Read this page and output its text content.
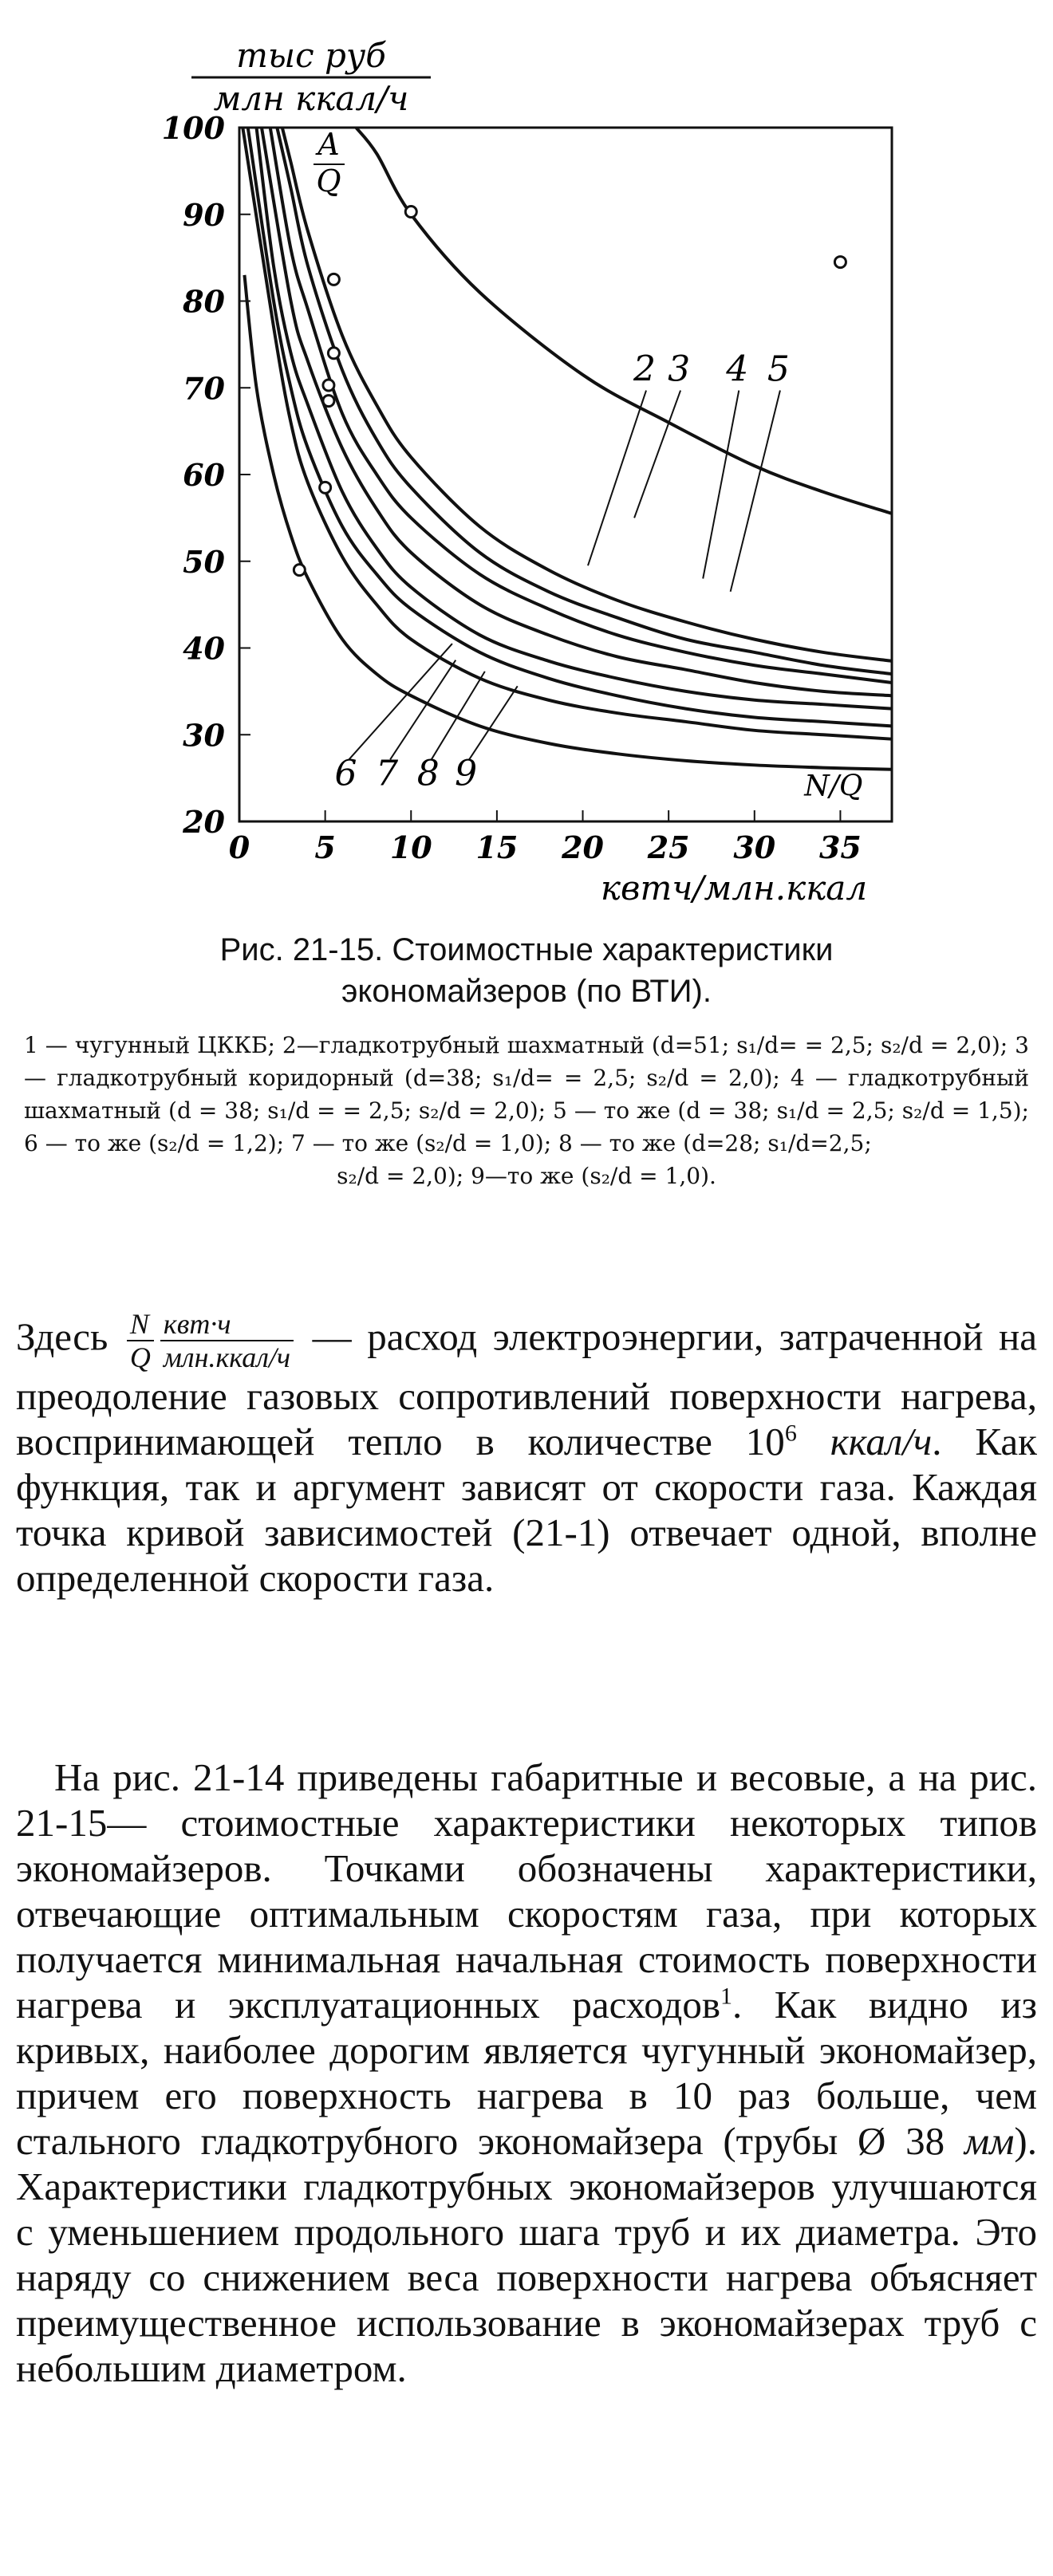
20
30
40
50
60
70
80
90
100
0 5 10 15 20 25 30 35
2 3 4 5
6 7 8 9
тыс руб
млн ккал/ч
A
Q
N/Q
квтч/млн.ккал
Рис. 21-15. Стоимостные характеристики
экономайзеров (по ВТИ).
1 — чугунный ЦККБ; 2—гладкотрубный шахматный (d=51; s₁/d= = 2,5; s₂/d = 2,0); 3 — гладкотрубный коридорный (d=38; s₁/d= = 2,5; s₂/d = 2,0); 4 — гладкотрубный шахматный (d = 38; s₁/d = = 2,5; s₂/d = 2,0); 5 — то же (d = 38; s₁/d = 2,5; s₂/d = 1,5); 6 — то же (s₂/d = 1,2); 7 — то же (s₂/d = 1,0); 8 — то же (d=28; s₁/d=2,5;
s₂/d = 2,0); 9—то же (s₂/d = 1,0).
Здесь $\frac{N}{Q} \frac{\text{квт·ч}}{\text{млн.ккал/ч}}$ — расход электроэнергии, затраченной на преодоление газовых сопротивлений поверхности нагрева, воспринимающей тепло в количестве $10^6$ ккал/ч. Как функция, так и аргумент зависят от скорости газа. Каждая точка кривой зависимостей (21-1) отвечает одной, вполне определенной скорости газа.
На рис. 21-14 приведены габаритные и весовые, а на рис. 21-15— стоимостные характеристики некоторых типов экономайзеров. Точками обозначены характеристики, отвечающие оптимальным скоростям газа, при которых получается минимальная начальная стоимость поверхности нагрева и эксплуатационных расходов$^1$. Как видно из кривых, наиболее дорогим является чугунный экономайзер, причем его поверхность нагрева в 10 раз больше, чем стального гладкотрубного экономайзера (трубы Ø 38 мм). Характеристики гладкотрубных экономайзеров улучшаются с уменьшением продольного шага труб и их диаметра. Это наряду со снижением веса поверхности нагрева объясняет преимущественное использование в экономайзерах труб с небольшим диаметром.
